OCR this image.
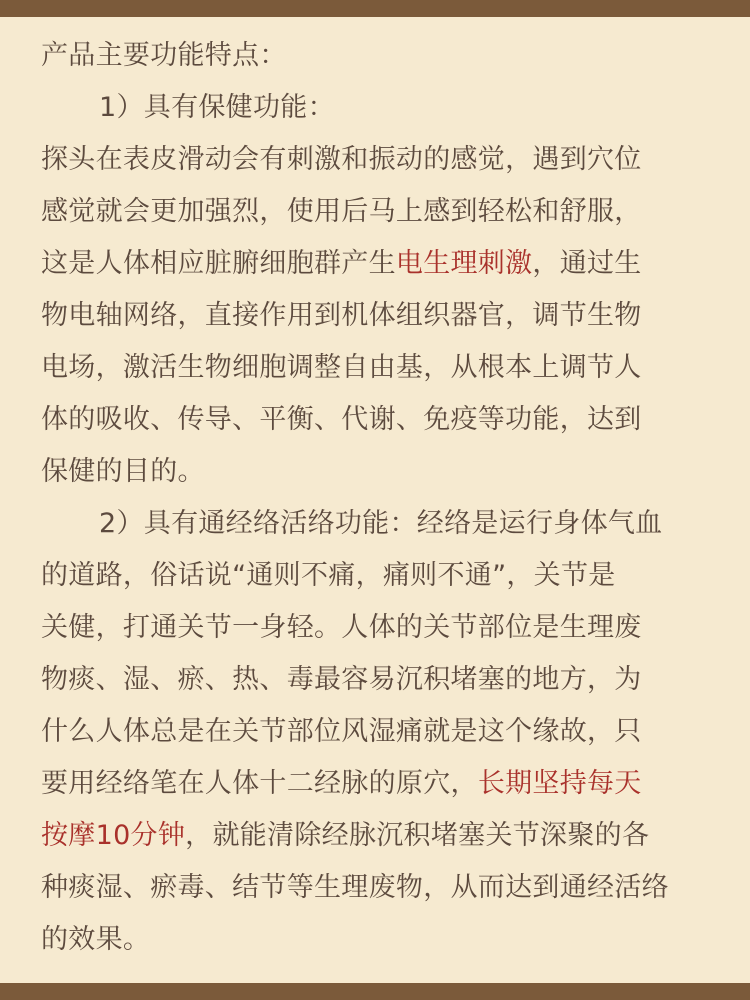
产品主要功能特点：
1）具有保健功能：
探头在表皮滑动会有刺激和振动的感觉，遇到穴位
感觉就会更加强烈，使用后马上感到轻松和舒服，
这是人体相应脏腑细胞群产生电生理刺激，通过生
物电轴网络，直接作用到机体组织器官，调节生物
电场，激活生物细胞调整自由基，从根本上调节人
体的吸收、传导、平衡、代谢、免疫等功能，达到
保健的目的。
2）具有通经络活络功能：经络是运行身体气血
的道路，俗话说“通则不痛，痛则不通”，关节是
关健，打通关节一身轻。人体的关节部位是生理废
物痰、湿、瘀、热、毒最容易沉积堵塞的地方，为
什么人体总是在关节部位风湿痛就是这个缘故，只
要用经络笔在人体十二经脉的原穴，长期坚持每天
按摩10分钟，就能清除经脉沉积堵塞关节深聚的各
种痰湿、瘀毒、结节等生理废物，从而达到通经活络
的效果。
